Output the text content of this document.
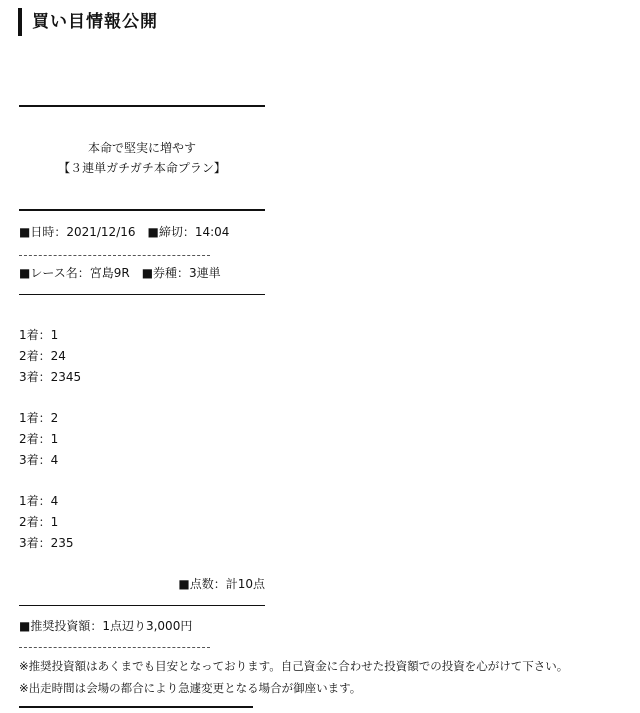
買い目情報公開
本命で堅実に増やす
【３連単ガチガチ本命プラン】
■日時：2021/12/16　■締切：14:04
■レース名：宮島9R　■券種：3連単
1着：1
2着：24
3着：2345
1着：2
2着：1
3着：4
1着：4
2着：1
3着：235
■点数：計10点
■推奨投資額：1点辺り3,000円
※推奨投資額はあくまでも目安となっております。自己資金に合わせた投資額での投資を心がけて下さい。
※出走時間は会場の都合により急遽変更となる場合が御座います。
